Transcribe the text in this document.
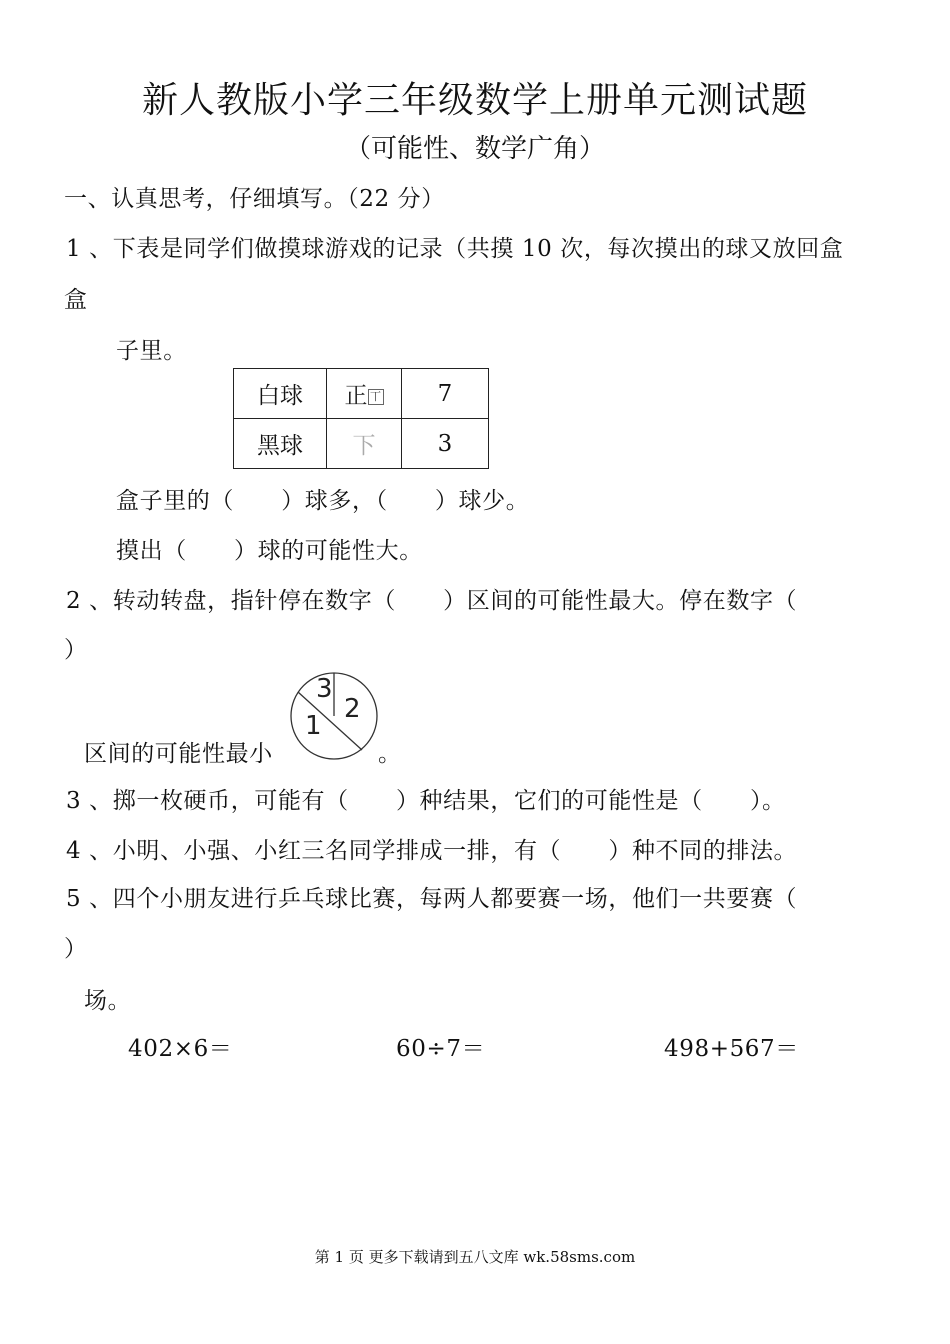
新人教版小学三年级数学上册单元测试题
（可能性、数学广角）
一、认真思考，仔细填写。（22 分）
1 、下表是同学们做摸球游戏的记录（共摸 10 次，每次摸出的球又放回盒
盒
子里。
白球	正 丅	7
黑球	下	3
盒子里的（　　）球多，（　　）球少。
摸出（　　）球的可能性大。
2 、转动转盘，指针停在数字（　　）区间的可能性最大。停在数字（
）
区间的可能性最小
3
2
1
。
3 、掷一枚硬币，可能有（　　）种结果，它们的可能性是（　　）。
4 、小明、小强、小红三名同学排成一排，有（　　）种不同的排法。
5 、四个小朋友进行乒乓球比赛，每两人都要赛一场，他们一共要赛（
）
场。
402×6＝	60÷7＝	498+567＝
第 1 页 更多下载请到五八文库 wk.58sms.com
